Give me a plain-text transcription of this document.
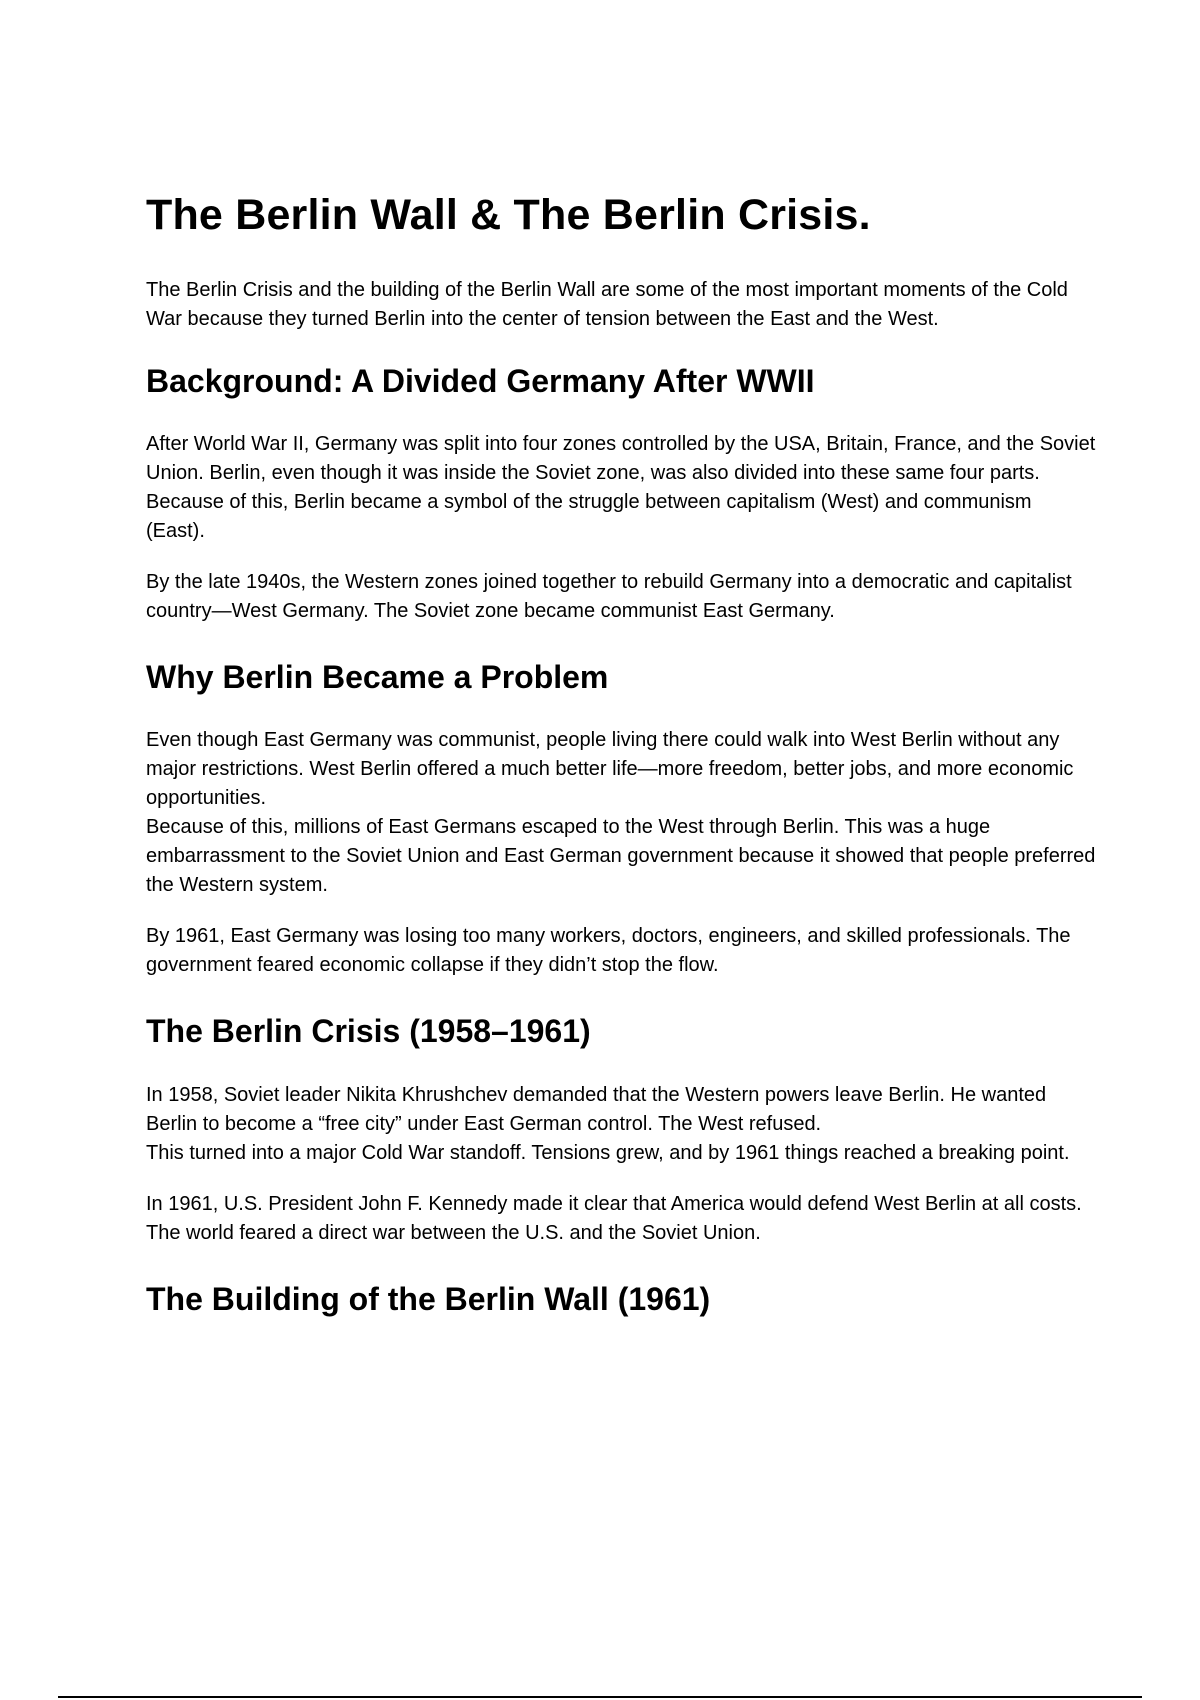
The Berlin Wall & The Berlin Crisis.

The Berlin Crisis and the building of the Berlin Wall are some of the most important moments of the Cold War because they turned Berlin into the center of tension between the East and the West.

Background: A Divided Germany After WWII

After World War II, Germany was split into four zones controlled by the USA, Britain, France, and the Soviet Union. Berlin, even though it was inside the Soviet zone, was also divided into these same four parts.
Because of this, Berlin became a symbol of the struggle between capitalism (West) and communism (East).

By the late 1940s, the Western zones joined together to rebuild Germany into a democratic and capitalist country—West Germany. The Soviet zone became communist East Germany.

Why Berlin Became a Problem

Even though East Germany was communist, people living there could walk into West Berlin without any major restrictions. West Berlin offered a much better life—more freedom, better jobs, and more economic opportunities.
Because of this, millions of East Germans escaped to the West through Berlin. This was a huge embarrassment to the Soviet Union and East German government because it showed that people preferred the Western system.

By 1961, East Germany was losing too many workers, doctors, engineers, and skilled professionals. The government feared economic collapse if they didn’t stop the flow.

The Berlin Crisis (1958–1961)

In 1958, Soviet leader Nikita Khrushchev demanded that the Western powers leave Berlin. He wanted Berlin to become a “free city” under East German control. The West refused.
This turned into a major Cold War standoff. Tensions grew, and by 1961 things reached a breaking point.

In 1961, U.S. President John F. Kennedy made it clear that America would defend West Berlin at all costs. The world feared a direct war between the U.S. and the Soviet Union.

The Building of the Berlin Wall (1961)
